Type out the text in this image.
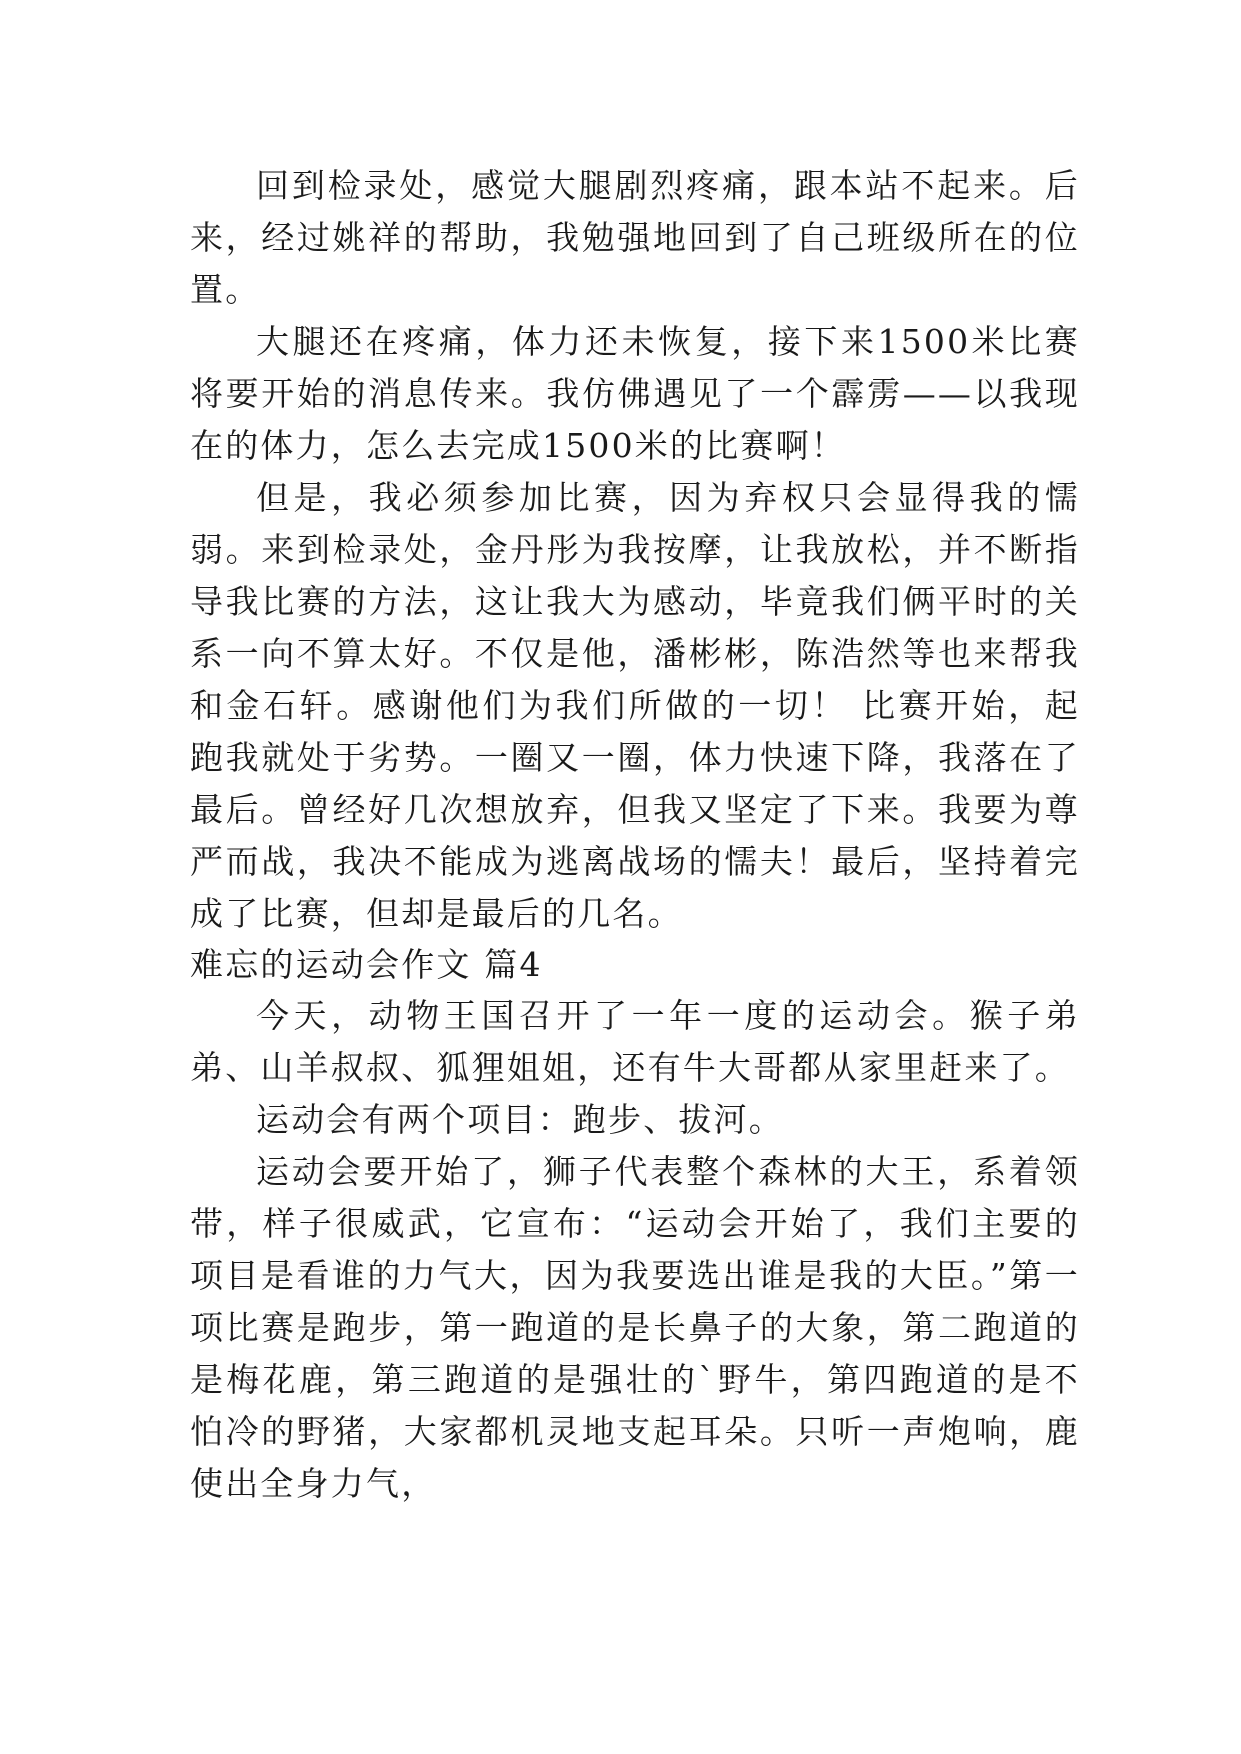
回到检录处，感觉大腿剧烈疼痛，跟本站不起来。后来，经过姚祥的帮助，我勉强地回到了自己班级所在的位置。

大腿还在疼痛，体力还未恢复，接下来1500米比赛将要开始的消息传来。我仿佛遇见了一个霹雳——以我现在的体力，怎么去完成1500米的比赛啊！

但是，我必须参加比赛，因为弃权只会显得我的懦弱。来到检录处，金丹彤为我按摩，让我放松，并不断指导我比赛的方法，这让我大为感动，毕竟我们俩平时的关系一向不算太好。不仅是他，潘彬彬，陈浩然等也来帮我和金石轩。感谢他们为我们所做的一切！ 比赛开始，起跑我就处于劣势。一圈又一圈，体力快速下降，我落在了最后。曾经好几次想放弃，但我又坚定了下来。我要为尊严而战，我决不能成为逃离战场的懦夫！最后，坚持着完成了比赛，但却是最后的几名。

难忘的运动会作文 篇4

今天，动物王国召开了一年一度的运动会。猴子弟弟、山羊叔叔、狐狸姐姐，还有牛大哥都从家里赶来了。

运动会有两个项目：跑步、拔河。

运动会要开始了，狮子代表整个森林的大王，系着领带，样子很威武，它宣布：“运动会开始了，我们主要的项目是看谁的力气大，因为我要选出谁是我的大臣。”第一项比赛是跑步，第一跑道的是长鼻子的大象，第二跑道的是梅花鹿，第三跑道的是强壮的`野牛，第四跑道的是不怕冷的野猪，大家都机灵地支起耳朵。只听一声炮响，鹿使出全身力气，
